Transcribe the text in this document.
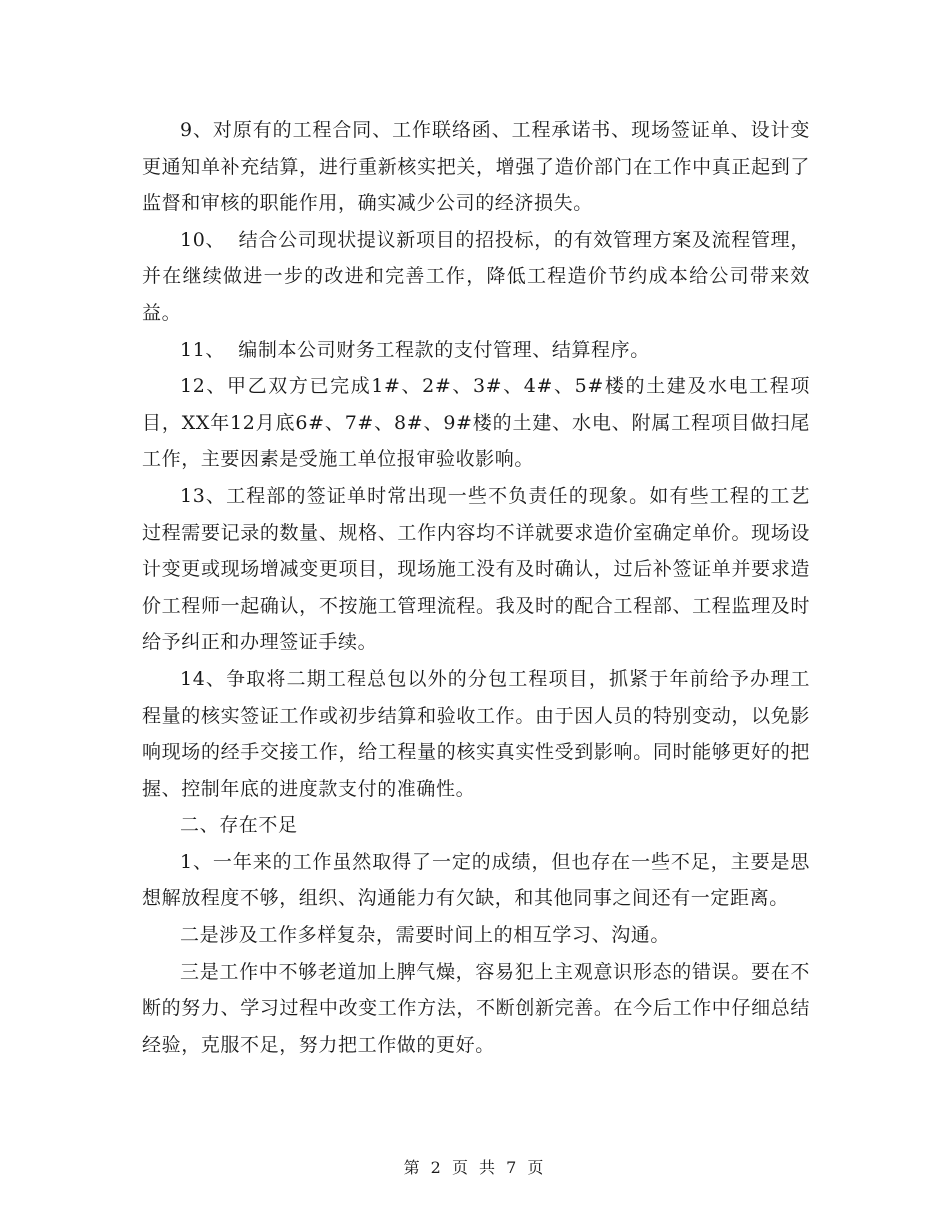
9、对原有的工程合同、工作联络函、工程承诺书、现场签证单、设计变更通知单补充结算，进行重新核实把关，增强了造价部门在工作中真正起到了监督和审核的职能作用，确实减少公司的经济损失。

10、  结合公司现状提议新项目的招投标，的有效管理方案及流程管理，并在继续做进一步的改进和完善工作，降低工程造价节约成本给公司带来效益。

11、  编制本公司财务工程款的支付管理、结算程序。

12、甲乙双方已完成1#、2#、3#、4#、5#楼的土建及水电工程项目，XX年12月底6#、7#、8#、9#楼的土建、水电、附属工程项目做扫尾工作，主要因素是受施工单位报审验收影响。

13、工程部的签证单时常出现一些不负责任的现象。如有些工程的工艺过程需要记录的数量、规格、工作内容均不详就要求造价室确定单价。现场设计变更或现场增减变更项目，现场施工没有及时确认，过后补签证单并要求造价工程师一起确认，不按施工管理流程。我及时的配合工程部、工程监理及时给予纠正和办理签证手续。

14、争取将二期工程总包以外的分包工程项目，抓紧于年前给予办理工程量的核实签证工作或初步结算和验收工作。由于因人员的特别变动，以免影响现场的经手交接工作，给工程量的核实真实性受到影响。同时能够更好的把握、控制年底的进度款支付的准确性。

二、存在不足

1、一年来的工作虽然取得了一定的成绩，但也存在一些不足，主要是思想解放程度不够，组织、沟通能力有欠缺，和其他同事之间还有一定距离。

二是涉及工作多样复杂，需要时间上的相互学习、沟通。

三是工作中不够老道加上脾气燥，容易犯上主观意识形态的错误。要在不断的努力、学习过程中改变工作方法，不断创新完善。在今后工作中仔细总结经验，克服不足，努力把工作做的更好。

第 2 页 共 7 页
